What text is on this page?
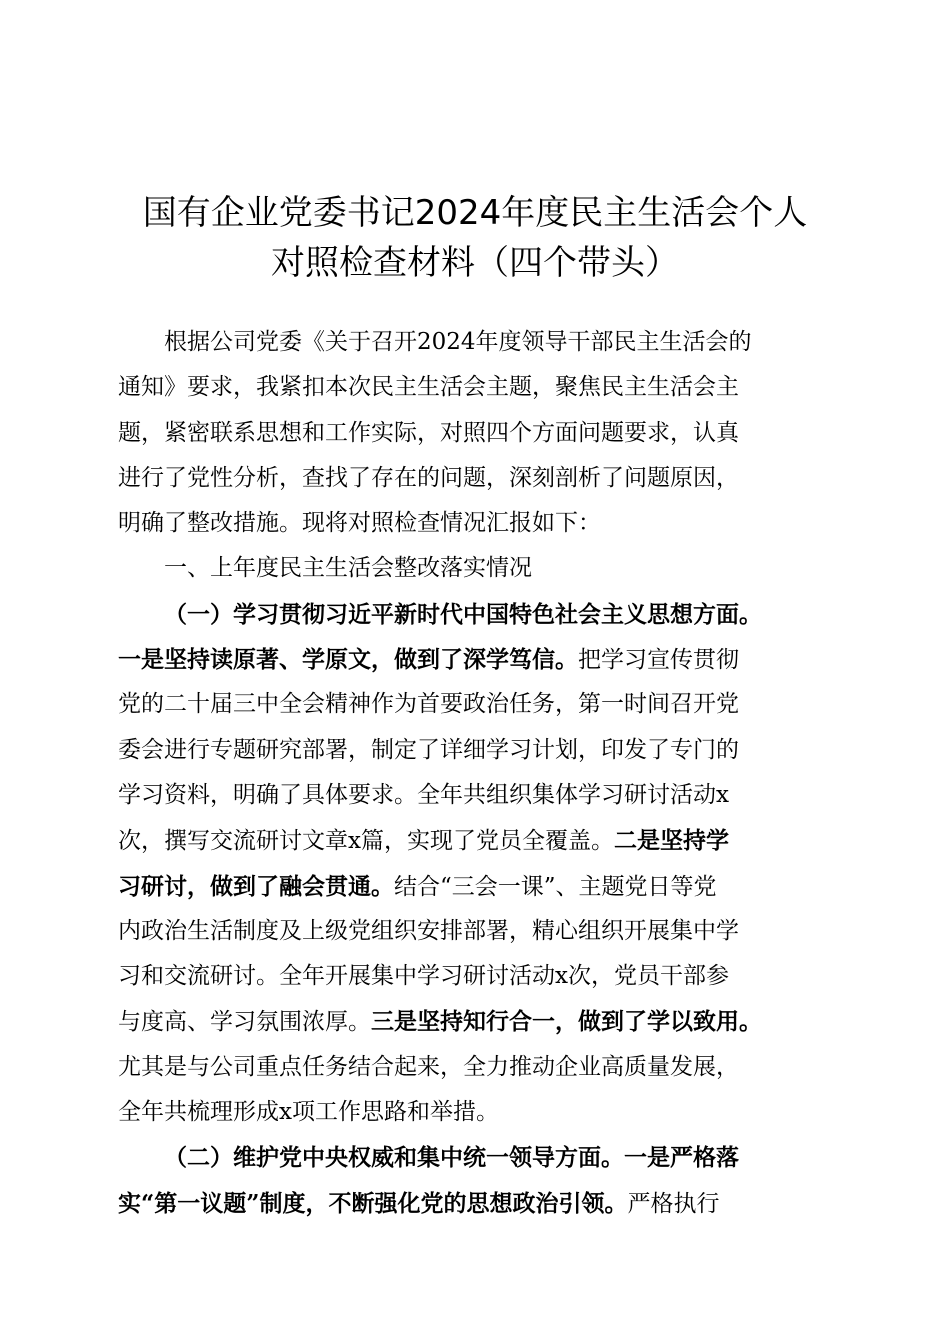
国有企业党委书记2024年度民主生活会个人
对照检查材料（四个带头）
根据公司党委《关于召开2024年度领导干部民主生活会的
通知》要求，我紧扣本次民主生活会主题，聚焦民主生活会主
题，紧密联系思想和工作实际，对照四个方面问题要求，认真
进行了党性分析，查找了存在的问题，深刻剖析了问题原因，
明确了整改措施。现将对照检查情况汇报如下：
一、上年度民主生活会整改落实情况
（一）学习贯彻习近平新时代中国特色社会主义思想方面。
一是坚持读原著、学原文，做到了深学笃信。把学习宣传贯彻
党的二十届三中全会精神作为首要政治任务，第一时间召开党
委会进行专题研究部署，制定了详细学习计划，印发了专门的
学习资料，明确了具体要求。全年共组织集体学习研讨活动x
次，撰写交流研讨文章x篇，实现了党员全覆盖。二是坚持学
习研讨，做到了融会贯通。结合“三会一课”、主题党日等党
内政治生活制度及上级党组织安排部署，精心组织开展集中学
习和交流研讨。全年开展集中学习研讨活动x次，党员干部参
与度高、学习氛围浓厚。三是坚持知行合一，做到了学以致用。
尤其是与公司重点任务结合起来，全力推动企业高质量发展，
全年共梳理形成x项工作思路和举措。
（二）维护党中央权威和集中统一领导方面。一是严格落
实“第一议题”制度，不断强化党的思想政治引领。严格执行
